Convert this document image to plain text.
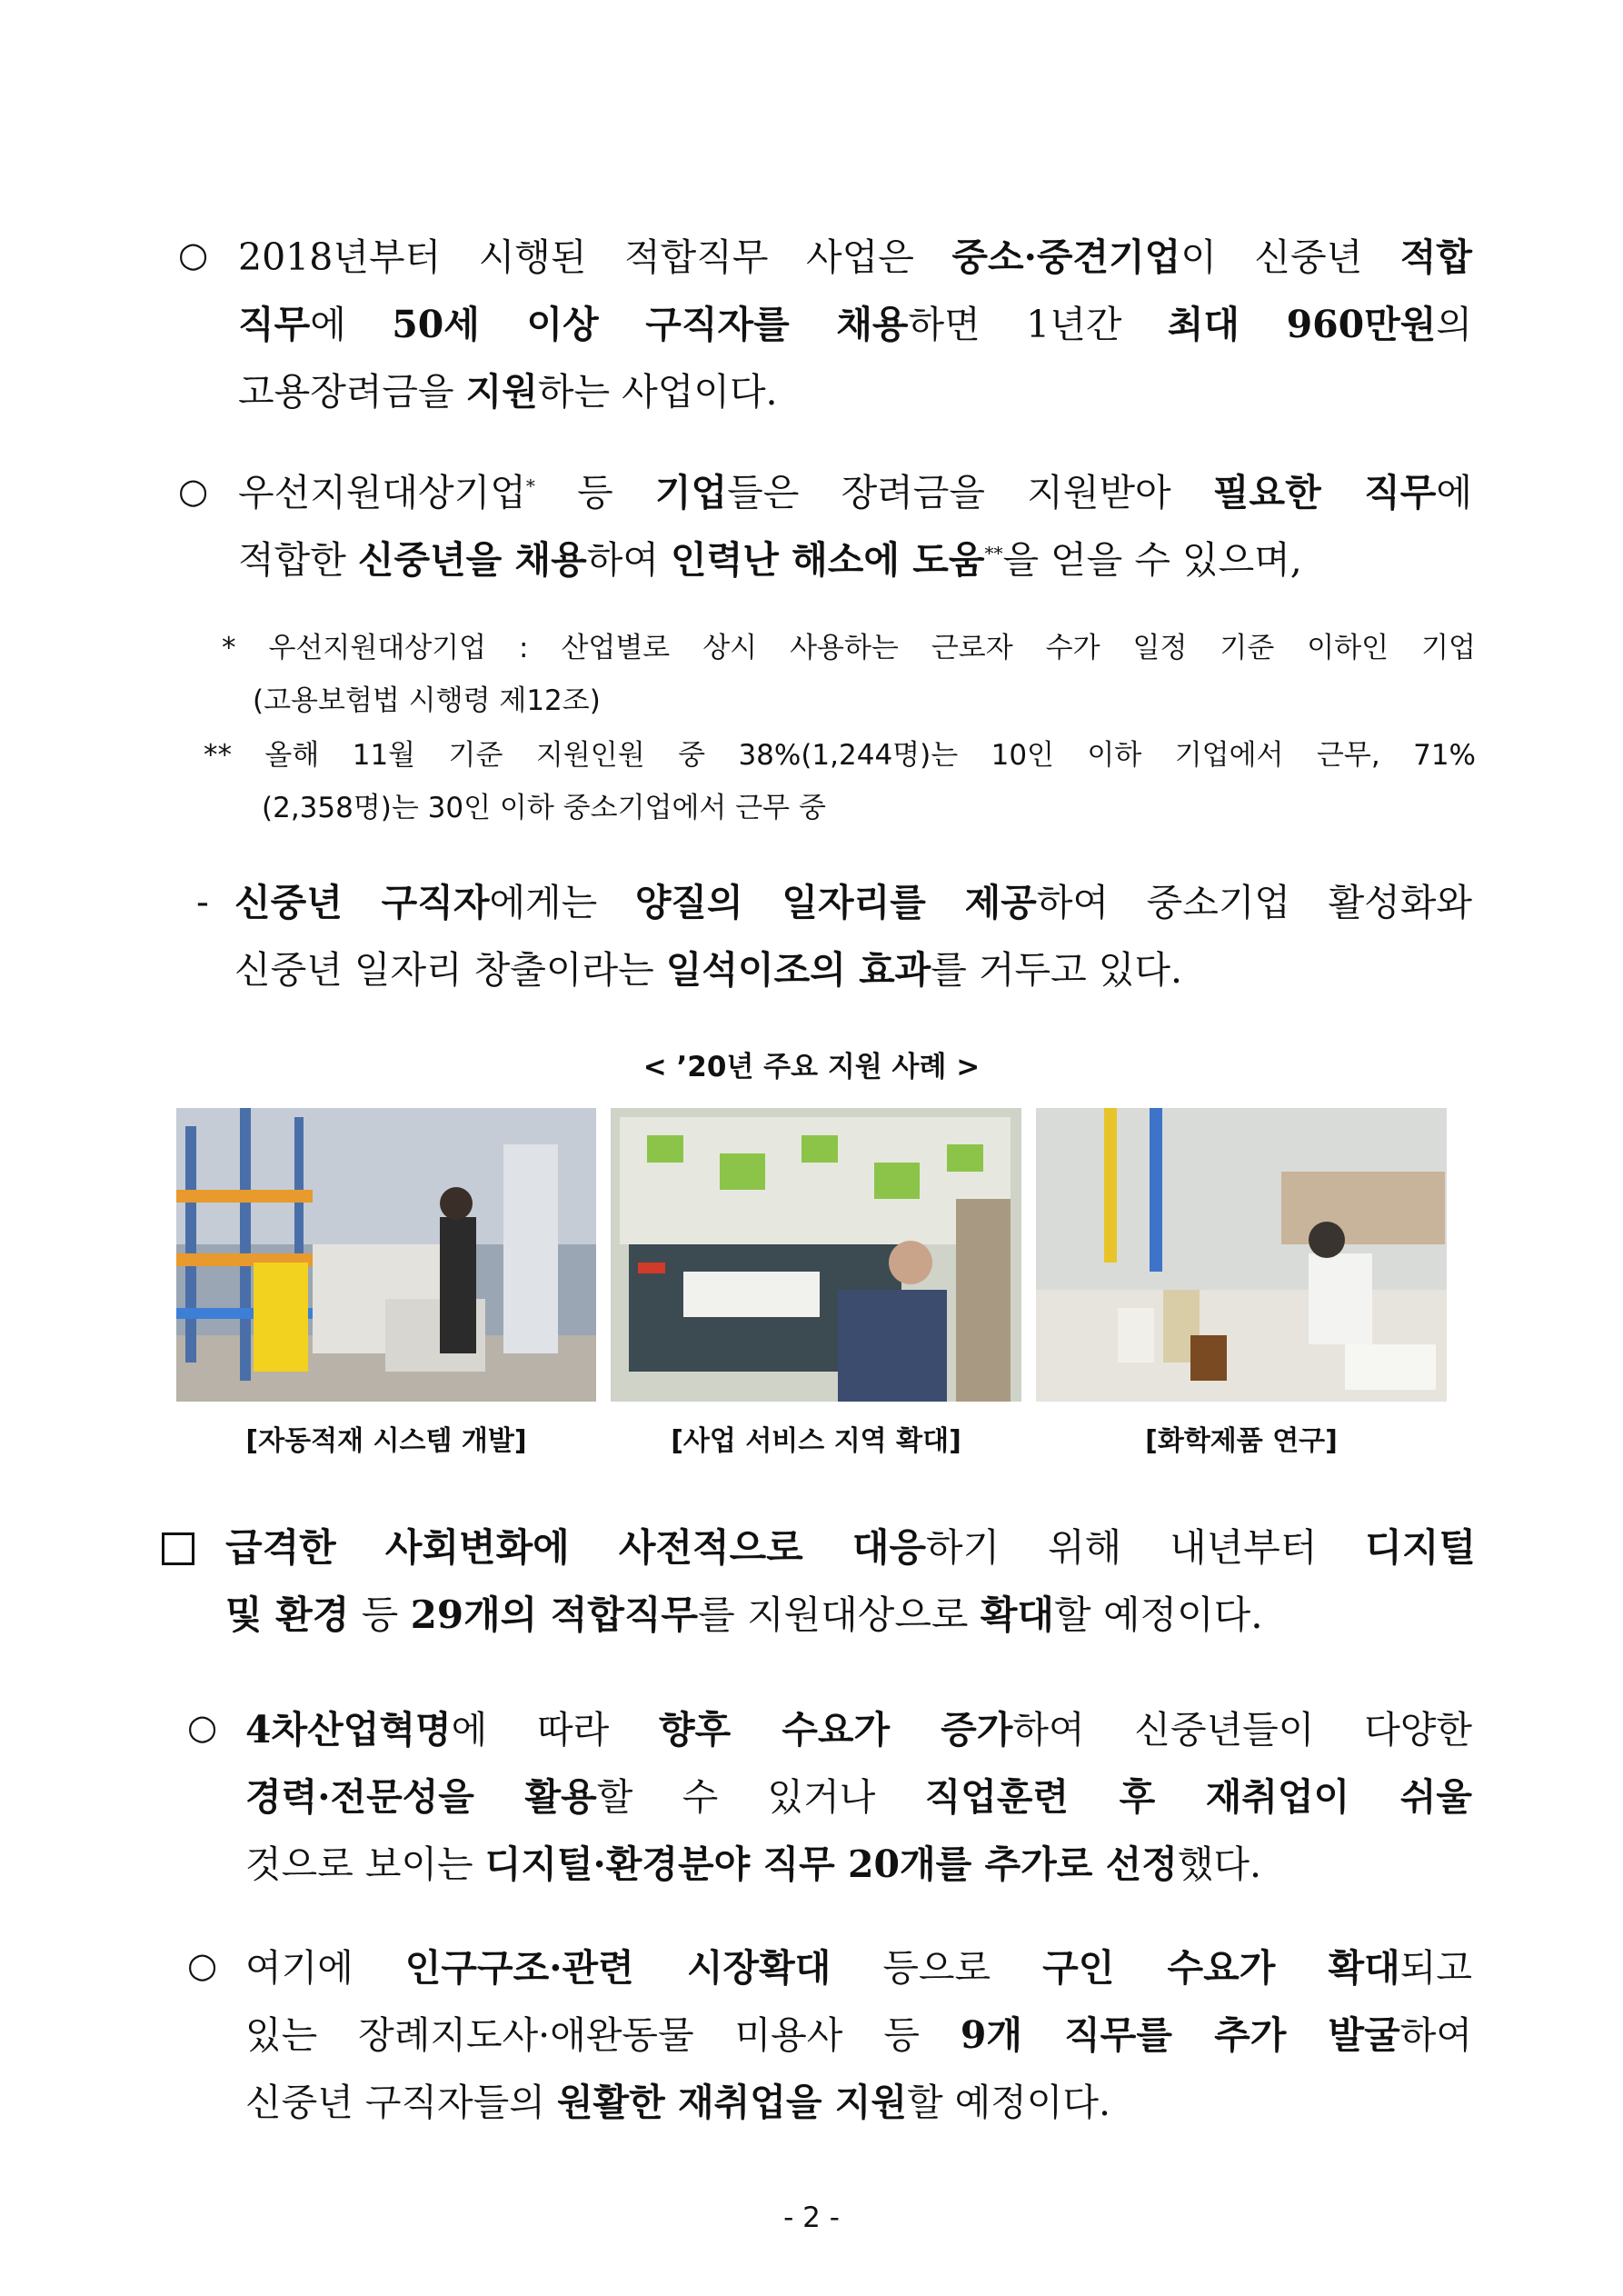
○ 2018년부터 시행된 적합직무 사업은 중소·중견기업이 신중년 적합
직무에 50세 이상 구직자를 채용하면 1년간 최대 960만원의
고용장려금을 지원하는 사업이다.
○ 우선지원대상기업* 등 기업들은 장려금을 지원받아 필요한 직무에
적합한 신중년을 채용하여 인력난 해소에 도움**을 얻을 수 있으며,
* 우선지원대상기업 : 산업별로 상시 사용하는 근로자 수가 일정 기준 이하인 기업
(고용보험법 시행령 제12조)
** 올해 11월 기준 지원인원 중 38%(1,244명)는 10인 이하 기업에서 근무, 71%
(2,358명)는 30인 이하 중소기업에서 근무 중
- 신중년 구직자에게는 양질의 일자리를 제공하여 중소기업 활성화와
신중년 일자리 창출이라는 일석이조의 효과를 거두고 있다.
< ’20년 주요 지원 사례 >
[자동적재 시스템 개발]	[사업 서비스 지역 확대]	[화학제품 연구]
급격한 사회변화에 사전적으로 대응하기 위해 내년부터 디지털
및 환경 등 29개의 적합직무를 지원대상으로 확대할 예정이다.
○ 4차산업혁명에 따라 향후 수요가 증가하여 신중년들이 다양한
경력·전문성을 활용할 수 있거나 직업훈련 후 재취업이 쉬울
것으로 보이는 디지털·환경분야 직무 20개를 추가로 선정했다.
○ 여기에 인구구조·관련 시장확대 등으로 구인 수요가 확대되고
있는 장례지도사·애완동물 미용사 등 9개 직무를 추가 발굴하여
신중년 구직자들의 원활한 재취업을 지원할 예정이다.
- 2 -
